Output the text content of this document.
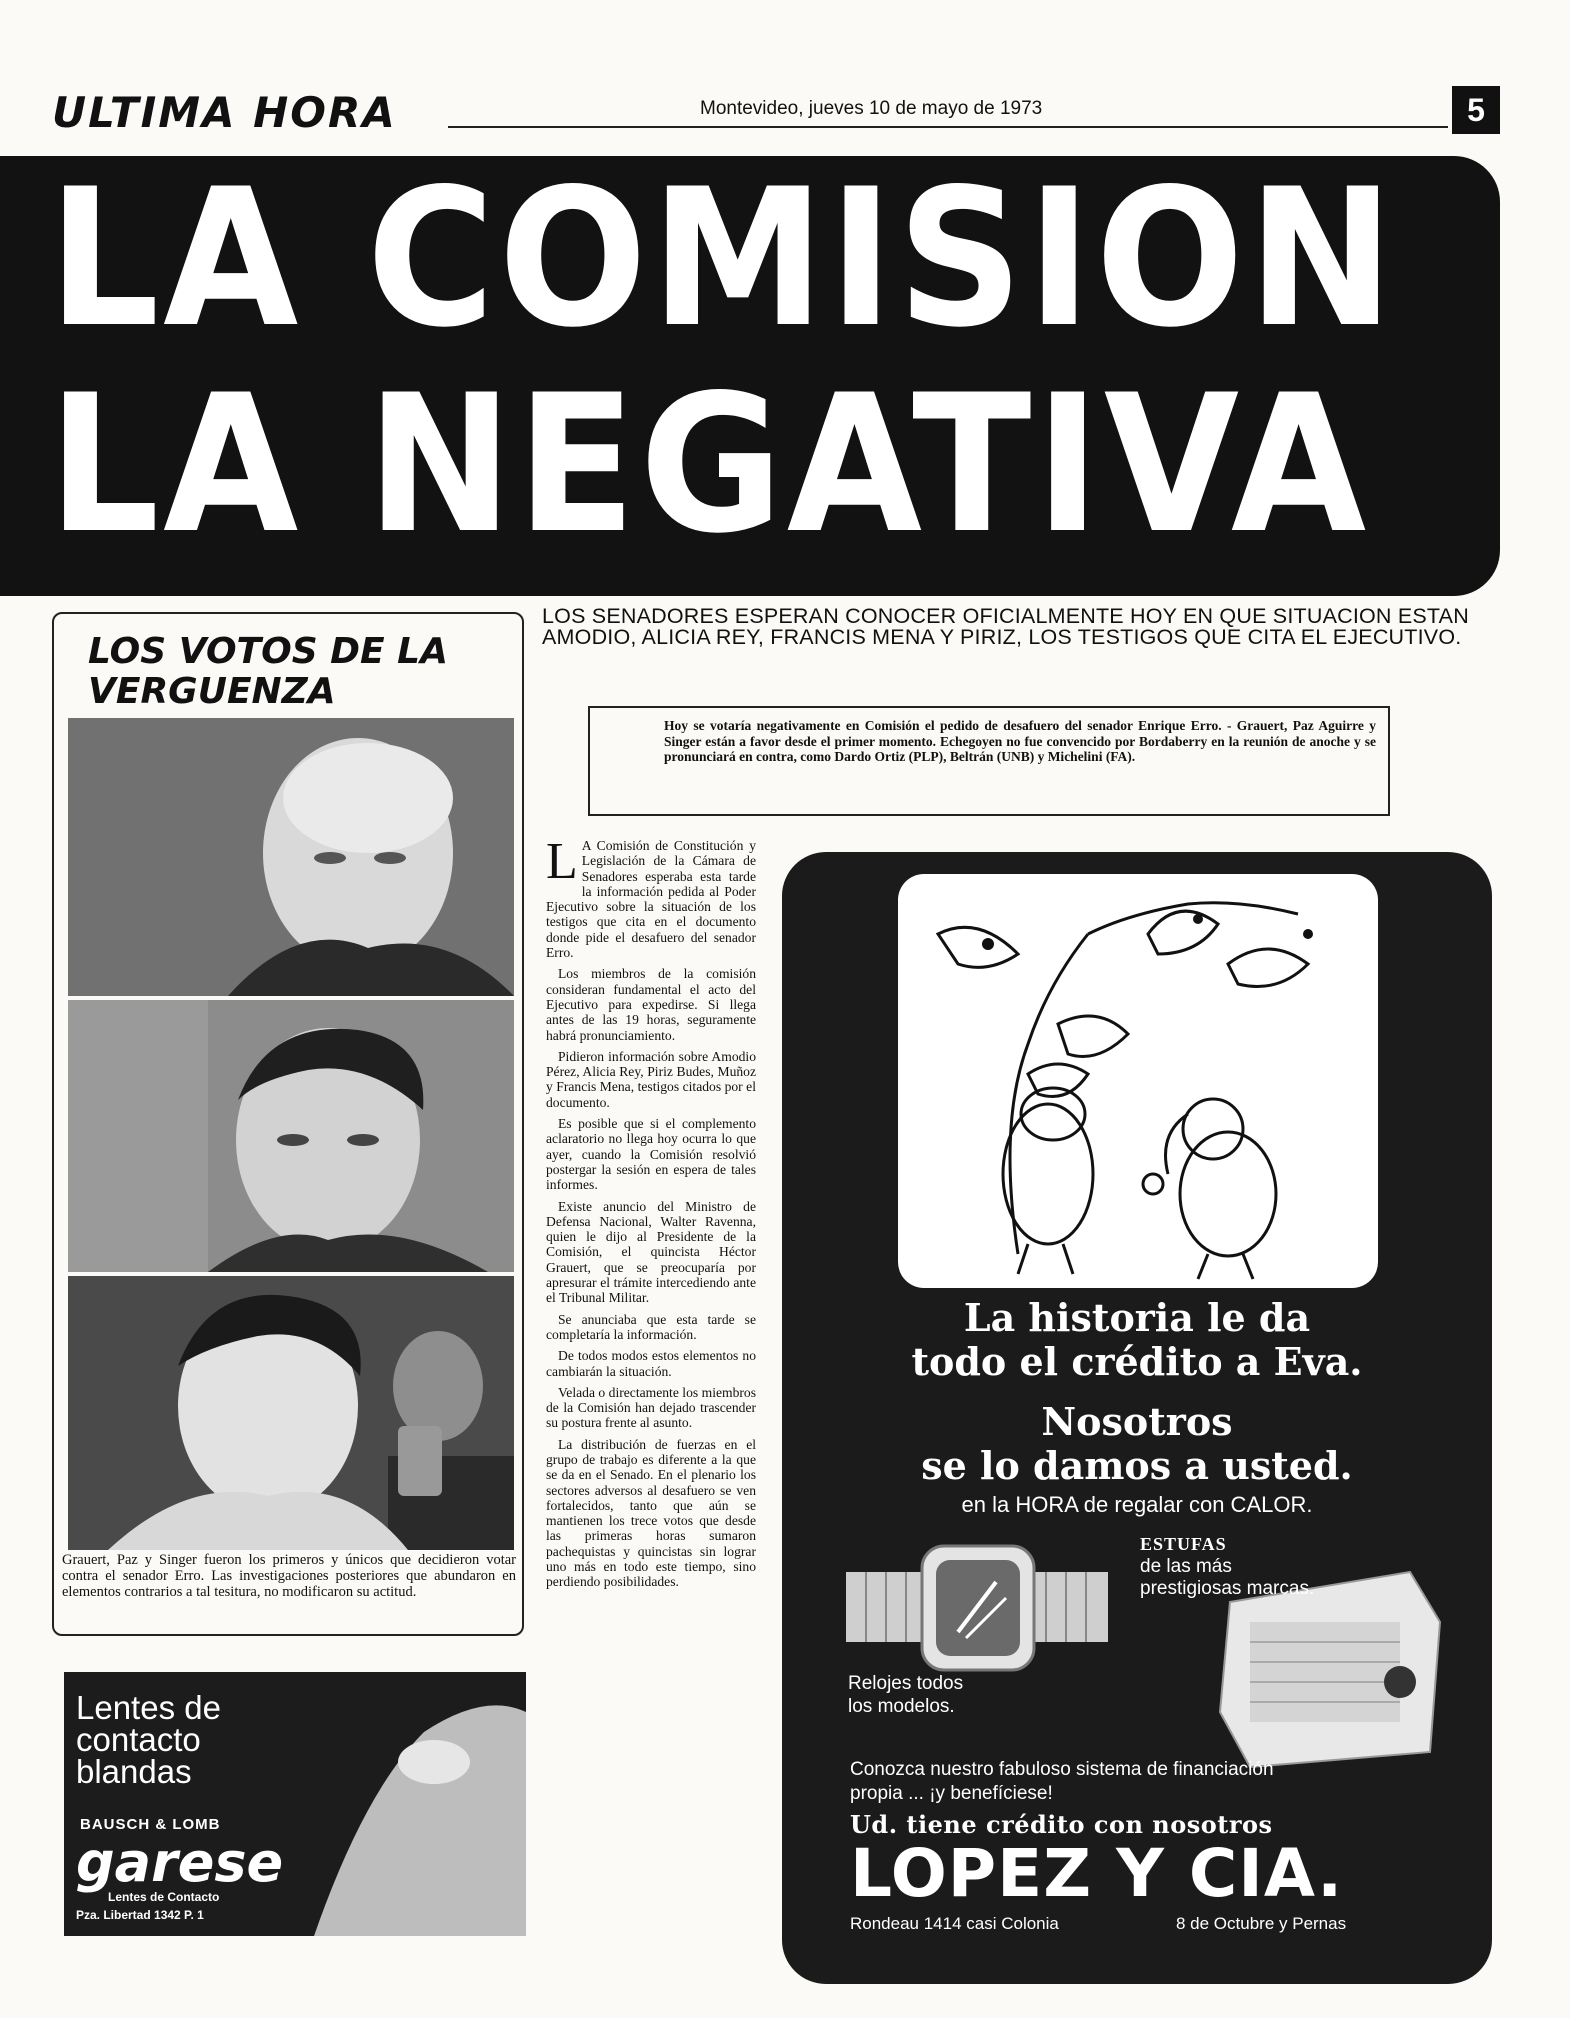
ULTIMA HORA	Montevideo, jueves 10 de mayo de 1973	5
LA COMISION
LA NEGATIVA
LOS SENADORES ESPERAN CONOCER OFICIALMENTE HOY EN QUE SITUACION ESTAN AMODIO, ALICIA REY, FRANCIS MENA Y PIRIZ, LOS TESTIGOS QUE CITA EL EJECUTIVO.
Hoy se votaría negativamente en Comisión el pedido de desafuero del senador Enrique Erro. - Grauert, Paz Aguirre y Singer están a favor desde el primer momento. Echegoyen no fue convencido por Bordaberry en la reunión de anoche y se pronunciará en contra, como Dardo Ortiz (PLP), Beltrán (UNB) y Michelini (FA).
LOS VOTOS DE LA VERGUENZA
Grauert, Paz y Singer fueron los primeros y únicos que decidieron votar contra el senador Erro. Las investigaciones posteriores que abundaron en elementos contrarios a tal tesitura, no modificaron su actitud.

L A Comisión de Constitución y Legislación de la Cámara de Senadores esperaba esta tarde la información pedida al Poder Ejecutivo sobre la situación de los testigos que cita en el documento donde pide el desafuero del senador Erro.

Los miembros de la comisión consideran fundamental el acto del Ejecutivo para expedirse. Si llega antes de las 19 horas, seguramente habrá pronunciamiento.

Pidieron información sobre Amodio Pérez, Alicia Rey, Piriz Budes, Muñoz y Francis Mena, testigos citados por el documento.

Es posible que si el complemento aclaratorio no llega hoy ocurra lo que ayer, cuando la Comisión resolvió postergar la sesión en espera de tales informes.

Existe anuncio del Ministro de Defensa Nacional, Walter Ravenna, quien le dijo al Presidente de la Comisión, el quincista Héctor Grauert, que se preocuparía por apresurar el trámite intercediendo ante el Tribunal Militar.

Se anunciaba que esta tarde se completaría la información.

De todos modos estos elementos no cambiarán la situación.

Velada o directamente los miembros de la Comisión han dejado trascender su postura frente al asunto.

La distribución de fuerzas en el grupo de trabajo es diferente a la que se da en el Senado. En el plenario los sectores adversos al desafuero se ven fortalecidos, tanto que aún se mantienen los trece votos que desde las primeras horas sumaron pachequistas y quincistas sin lograr uno más en todo este tiempo, sino perdiendo posibilidades.

La historia le da
todo el crédito a Eva.
Nosotros
se lo damos a usted.
en la HORA de regalar con CALOR.
ESTUFAS
de las más prestigiosas marcas.
Relojes todos los modelos.
Conozca nuestro fabuloso sistema de financiación propia ... ¡y benefíciese!
Ud. tiene crédito con nosotros
LOPEZ Y CIA.
Rondeau 1414 casi Colonia	8 de Octubre y Pernas
Lentes de contacto blandas
BAUSCH & LOMB
garese
Lentes de Contacto
Pza. Libertad 1342 P. 1
